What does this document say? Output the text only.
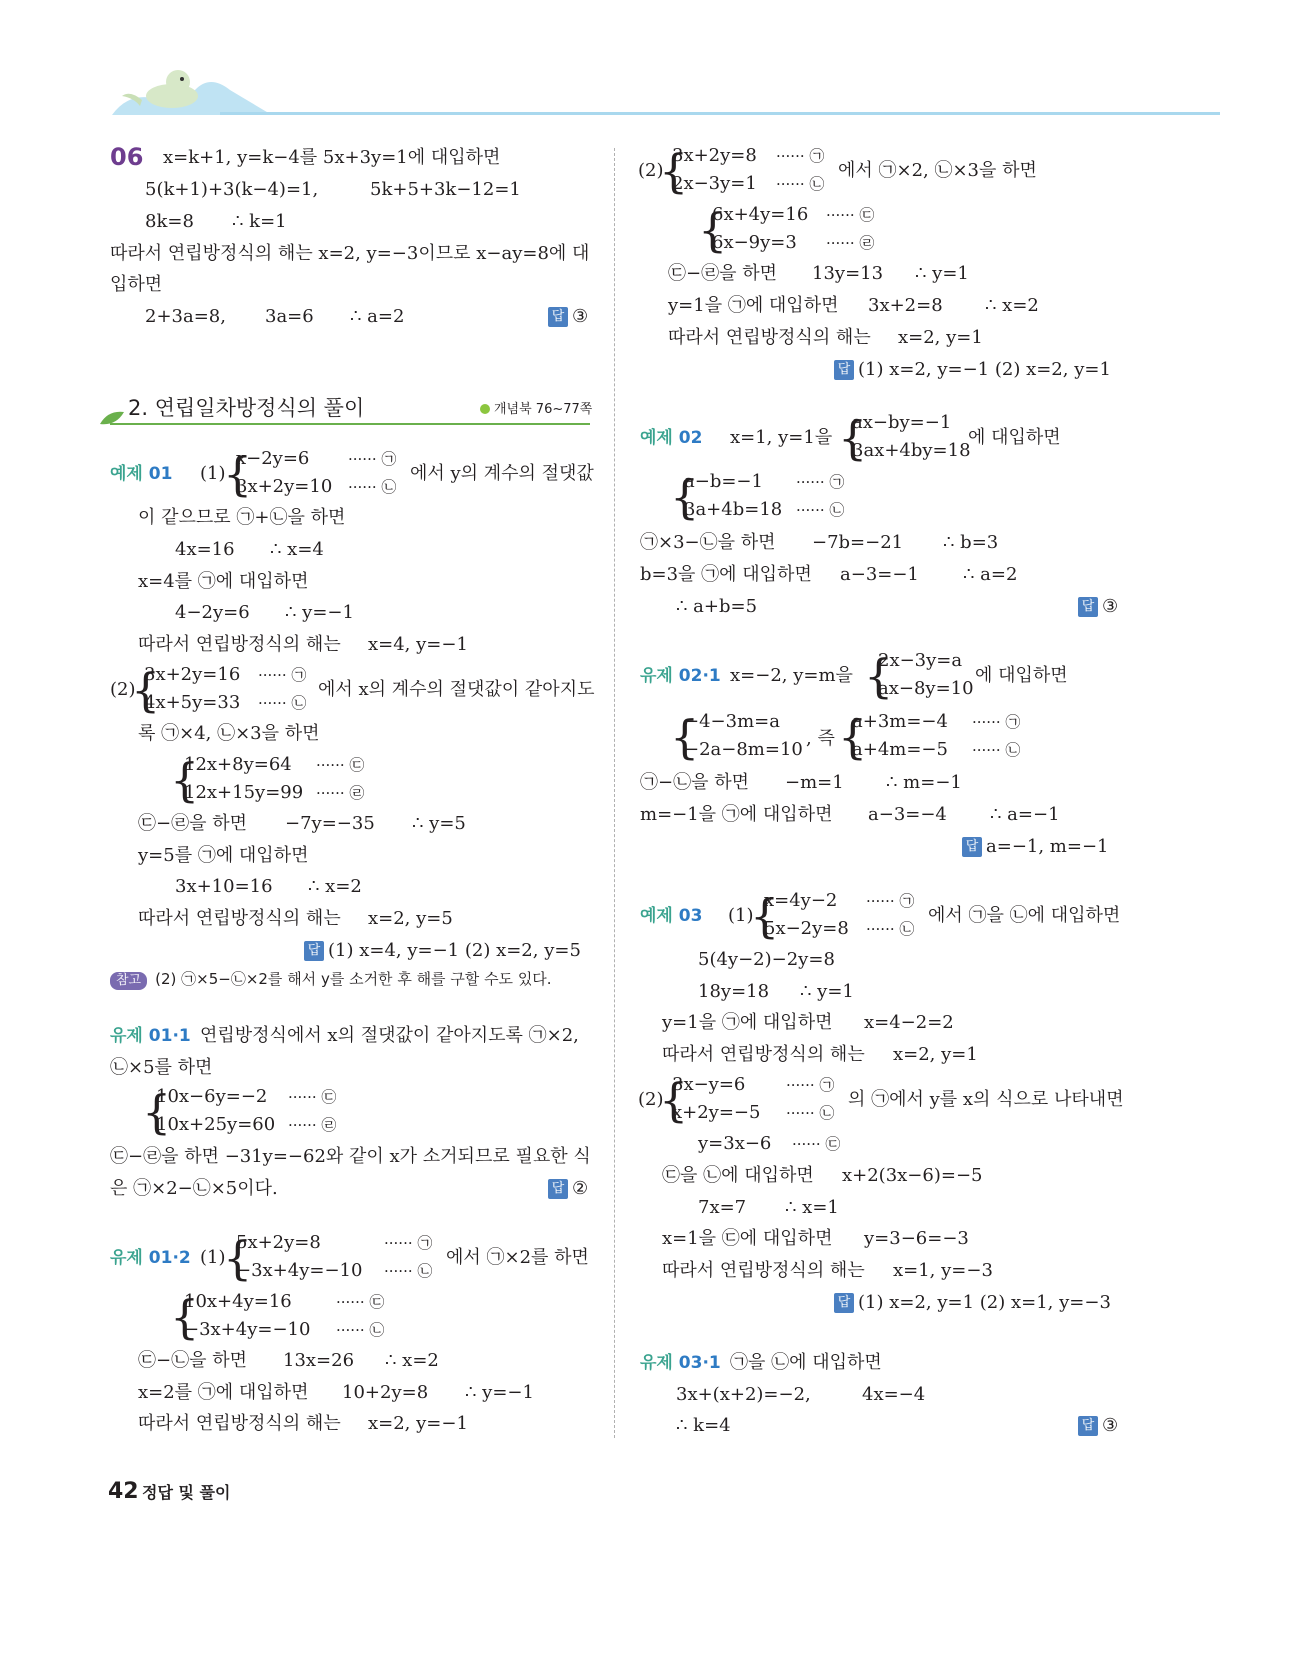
06 x=k+1, y=k−4를 5x+3y=1에 대입하면
5(k+1)+3(k−4)=1,	5k+5+3k−12=1
8k=8 ∴ k=1
따라서 연립방정식의 해는 x=2, y=−3이므로 x−ay=8에 대
입하면
2+3a=8, 3a=6 ∴ a=2	답 ③
2. 연립일차방정식의 풀이	개념북 76~77쪽
예제 01 (1)
{
x−2y=6
3x+2y=10
······ ㉠
······ ㉡
에서 y의 계수의 절댓값
이 같으므로 ㉠+㉡을 하면
4x=16 ∴ x=4
x=4를 ㉠에 대입하면
4−2y=6 ∴ y=−1
따라서 연립방정식의 해는 x=4, y=−1
(2)
{
3x+2y=16
4x+5y=33
······ ㉠
······ ㉡
에서 x의 계수의 절댓값이 같아지도
록 ㉠×4, ㉡×3을 하면
{
12x+8y=64
12x+15y=99
······ ㉢
······ ㉣
㉢−㉣을 하면 −7y=−35 ∴ y=5
y=5를 ㉠에 대입하면
3x+10=16 ∴ x=2
따라서 연립방정식의 해는 x=2, y=5
답 (1) x=4, y=−1 (2) x=2, y=5
참고 (2) ㉠×5−㉡×2를 해서 y를 소거한 후 해를 구할 수도 있다.
유제 01·1 연립방정식에서 x의 절댓값이 같아지도록 ㉠×2,
㉡×5를 하면
{
10x−6y=−2
10x+25y=60
······ ㉢
······ ㉣
㉢−㉣을 하면 −31y=−62와 같이 x가 소거되므로 필요한 식
은 ㉠×2−㉡×5이다.	답 ②
유제 01·2 (1)
{
5x+2y=8
−3x+4y=−10
······ ㉠
······ ㉡
에서 ㉠×2를 하면
{
10x+4y=16
−3x+4y=−10
······ ㉢
······ ㉡
㉢−㉡을 하면 13x=26 ∴ x=2
x=2를 ㉠에 대입하면 10+2y=8 ∴ y=−1
따라서 연립방정식의 해는 x=2, y=−1
42 정답 및 풀이
(2)
{
3x+2y=8
2x−3y=1
······ ㉠
······ ㉡
에서 ㉠×2, ㉡×3을 하면
{
6x+4y=16
6x−9y=3
······ ㉢
······ ㉣
㉢−㉣을 하면 13y=13 ∴ y=1
y=1을 ㉠에 대입하면 3x+2=8 ∴ x=2
따라서 연립방정식의 해는 x=2, y=1
답 (1) x=2, y=−1 (2) x=2, y=1
예제 02 x=1, y=1을 {
ax−by=−1
3ax+4by=18
에 대입하면
{
a−b=−1
3a+4b=18
······ ㉠
······ ㉡
㉠×3−㉡을 하면 −7b=−21 ∴ b=3
b=3을 ㉠에 대입하면 a−3=−1 ∴ a=2
∴ a+b=5	답 ③
유제 02·1 x=−2, y=m을 {
2x−3y=a
ax−8y=10
에 대입하면
{
−4−3m=a
−2a−8m=10
, 즉 {
a+3m=−4
a+4m=−5
······ ㉠
······ ㉡
㉠−㉡을 하면 −m=1 ∴ m=−1
m=−1을 ㉠에 대입하면 a−3=−4 ∴ a=−1
답 a=−1, m=−1
예제 03 (1)
{
x=4y−2
5x−2y=8
······ ㉠
······ ㉡
에서 ㉠을 ㉡에 대입하면
5(4y−2)−2y=8
18y=18 ∴ y=1
y=1을 ㉠에 대입하면 x=4−2=2
따라서 연립방정식의 해는 x=2, y=1
(2)
{
3x−y=6
x+2y=−5
······ ㉠
······ ㉡
의 ㉠에서 y를 x의 식으로 나타내면
y=3x−6 ······ ㉢
㉢을 ㉡에 대입하면 x+2(3x−6)=−5
7x=7 ∴ x=1
x=1을 ㉢에 대입하면 y=3−6=−3
따라서 연립방정식의 해는 x=1, y=−3
답 (1) x=2, y=1 (2) x=1, y=−3
유제 03·1 ㉠을 ㉡에 대입하면
3x+(x+2)=−2,	4x=−4
∴ k=4	답 ③
